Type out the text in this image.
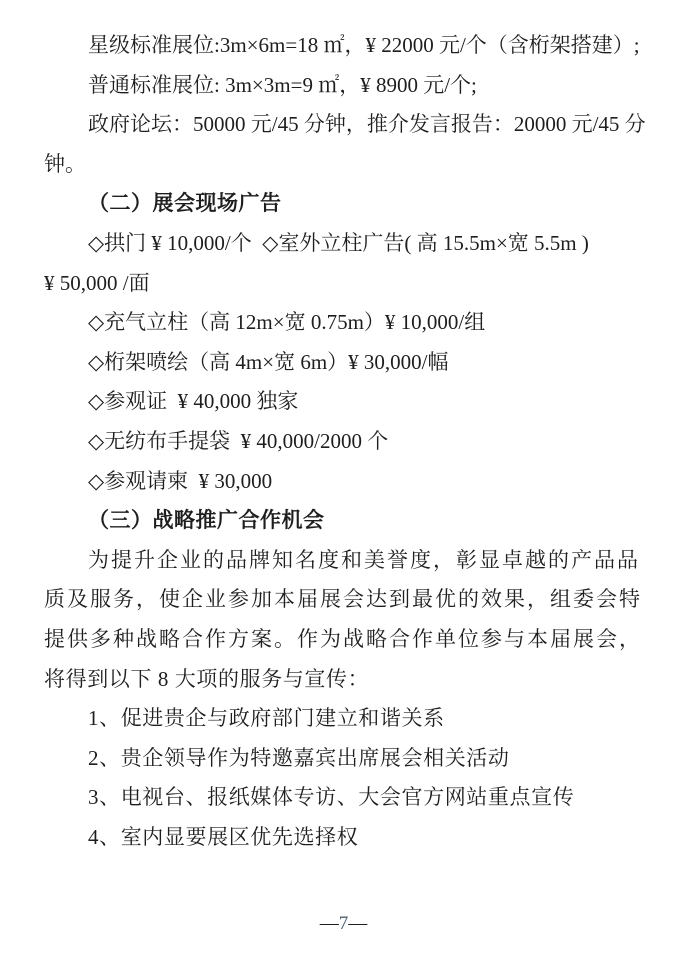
星级标准展位:3m×6m=18 ㎡，¥ 22000 元/个（含桁架搭建）;
普通标准展位: 3m×3m=9 ㎡，¥ 8900 元/个;
政府论坛：50000 元/45 分钟，推介发言报告：20000 元/45 分
钟。
（二）展会现场广告
◇拱门 ¥ 10,000/个  ◇室外立柱广告( 高 15.5m×宽 5.5m )
¥ 50,000 /面
◇充气立柱（高 12m×宽 0.75m）¥ 10,000/组
◇桁架喷绘（高 4m×宽 6m）¥ 30,000/幅
◇参观证  ¥ 40,000 独家
◇无纺布手提袋  ¥ 40,000/2000 个
◇参观请柬  ¥ 30,000
（三）战略推广合作机会
为提升企业的品牌知名度和美誉度，彰显卓越的产品品
质及服务，使企业参加本届展会达到最优的效果，组委会特
提供多种战略合作方案。作为战略合作单位参与本届展会，
将得到以下 8 大项的服务与宣传：
1、促进贵企与政府部门建立和谐关系
2、贵企领导作为特邀嘉宾出席展会相关活动
3、电视台、报纸媒体专访、大会官方网站重点宣传
4、室内显要展区优先选择权
—7—
